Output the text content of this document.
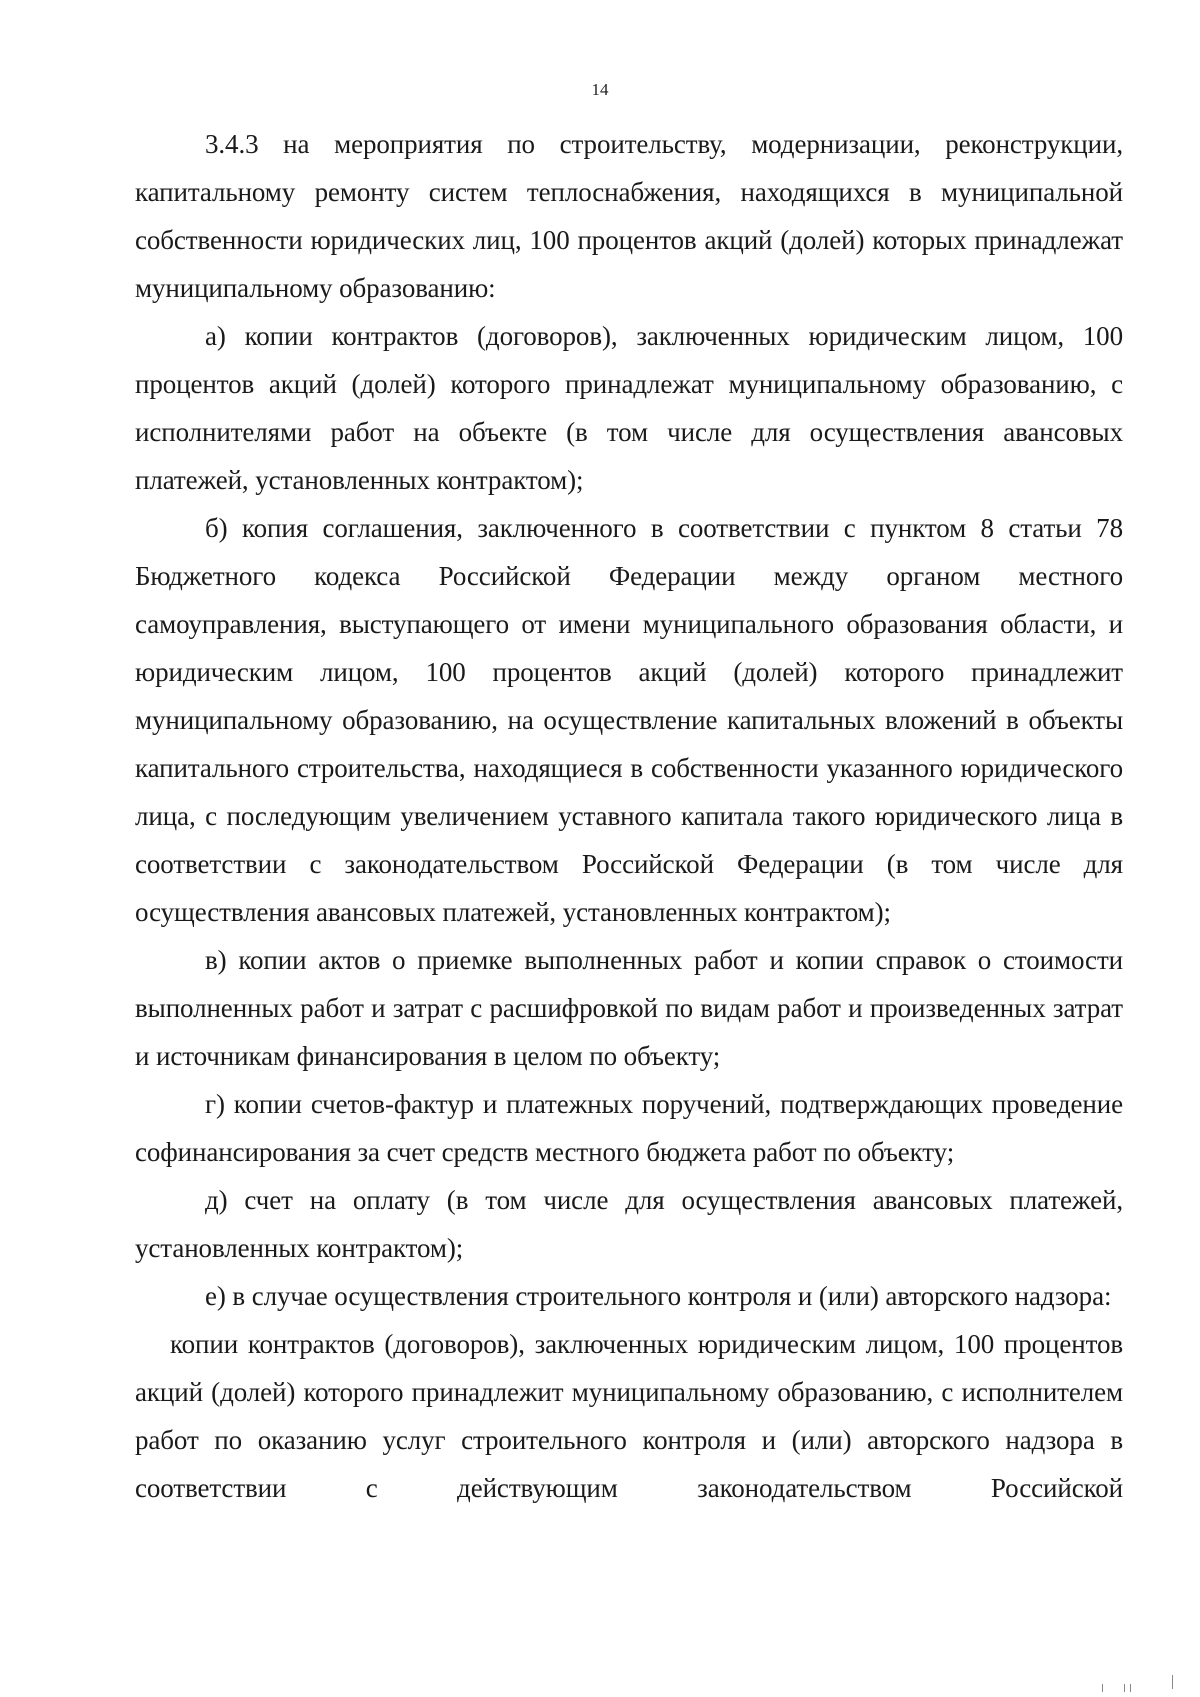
14

3.4.3 на мероприятия по строительству, модернизации, реконструкции, капитальному ремонту систем теплоснабжения, находящихся в муниципальной собственности юридических лиц, 100 процентов акций (долей) которых принадлежат муниципальному образованию:

а) копии контрактов (договоров), заключенных юридическим лицом, 100 процентов акций (долей) которого принадлежат муниципальному образованию, с исполнителями работ на объекте (в том числе для осуществления авансовых платежей, установленных контрактом);

б) копия соглашения, заключенного в соответствии с пунктом 8 статьи 78 Бюджетного кодекса Российской Федерации между органом местного самоуправления, выступающего от имени муниципального образования области, и юридическим лицом, 100 процентов акций (долей) которого принадлежит муниципальному образованию, на осуществление капитальных вложений в объекты капитального строительства, находящиеся в собственности указанного юридического лица, с последующим увеличением уставного капитала такого юридического лица в соответствии с законодательством Российской Федерации (в том числе для осуществления авансовых платежей, установленных контрактом);

в) копии актов о приемке выполненных работ и копии справок о стоимости выполненных работ и затрат с расшифровкой по видам работ и произведенных затрат и источникам финансирования в целом по объекту;

г) копии счетов-фактур и платежных поручений, подтверждающих проведение софинансирования за счет средств местного бюджета работ по объекту;

д) счет на оплату (в том числе для осуществления авансовых платежей, установленных контрактом);

е) в случае осуществления строительного контроля и (или) авторского надзора:

копии контрактов (договоров), заключенных юридическим лицом, 100 процентов акций (долей) которого принадлежит муниципальному образованию, с исполнителем работ по оказанию услуг строительного контроля и (или) авторского надзора в соответствии с действующим законодательством Российской
